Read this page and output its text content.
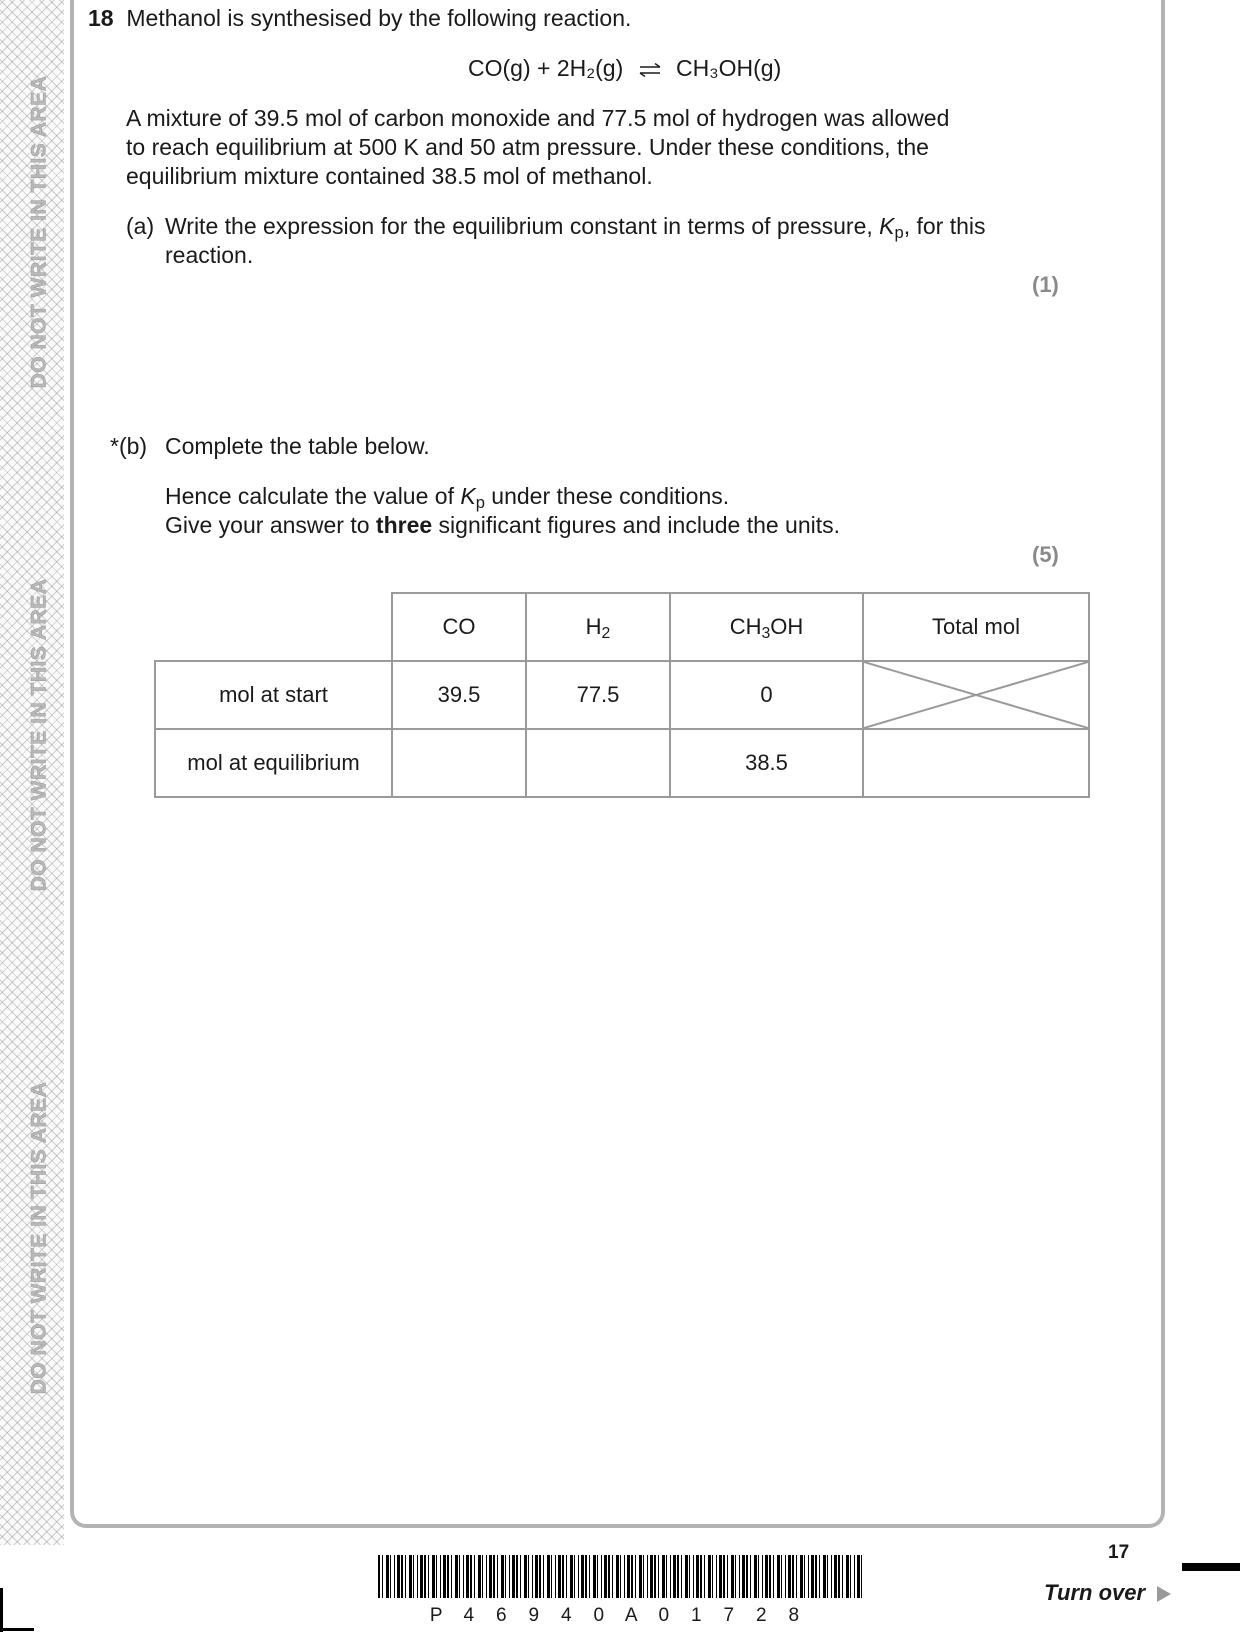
DO NOT WRITE IN THIS AREA
DO NOT WRITE IN THIS AREA
DO NOT WRITE IN THIS AREA
18 Methanol is synthesised by the following reaction.
CO(g) + 2H₂(g) ⇌ CH₃OH(g)
A mixture of 39.5 mol of carbon monoxide and 77.5 mol of hydrogen was allowed
to reach equilibrium at 500 K and 50 atm pressure. Under these conditions, the
equilibrium mixture contained 38.5 mol of methanol.
(a) Write the expression for the equilibrium constant in terms of pressure, $K_p$, for this
reaction.
(1)
*(b) Complete the table below.
Hence calculate the value of $K_p$ under these conditions.
Give your answer to three significant figures and include the units.
(5)
	CO	$H_2$	$CH_3OH$	Total mol
mol at start	39.5	77.5	0	

mol at equilibrium			38.5	
P	4	6	9	4	0	A	0	1	7	2	8
17
Turn over
